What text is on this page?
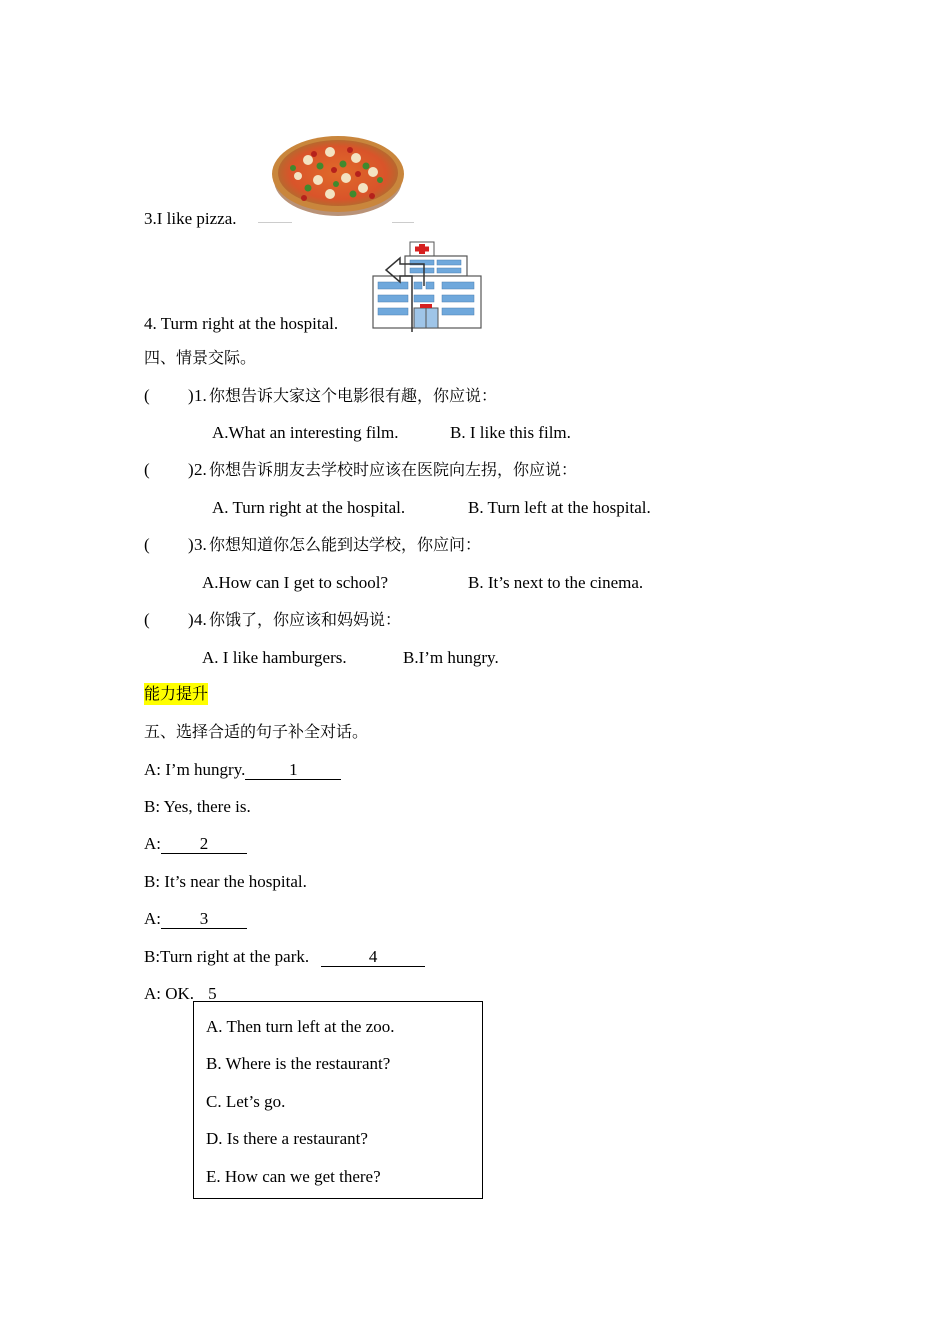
3.I like pizza.
4. Turm right at the hospital.
四、情景交际。
( ) 1. 你想告诉大家这个电影很有趣，你应说：
A.What an interesting film.	B. I like this film.
( ) 2. 你想告诉朋友去学校时应该在医院向左拐，你应说：
A. Turn right at the hospital.	B. Turn left at the hospital.
( ) 3. 你想知道你怎么能到达学校，你应问：
A.How can I get to school?	B. It’s next to the cinema.
( ) 4. 你饿了，你应该和妈妈说：
A. I like hamburgers.	B.I’m hungry.
能力提升
五、选择合适的句子补全对话。
A: I’m hungry.	1
B: Yes, there is.
A: 2
B: It’s near the hospital.
A: 3
B:Turn right at the park.	4
A: OK. 5
A. Then turn left at the zoo.
B. Where is the restaurant?
C. Let’s go.
D. Is there a restaurant?
E. How can we get there?
